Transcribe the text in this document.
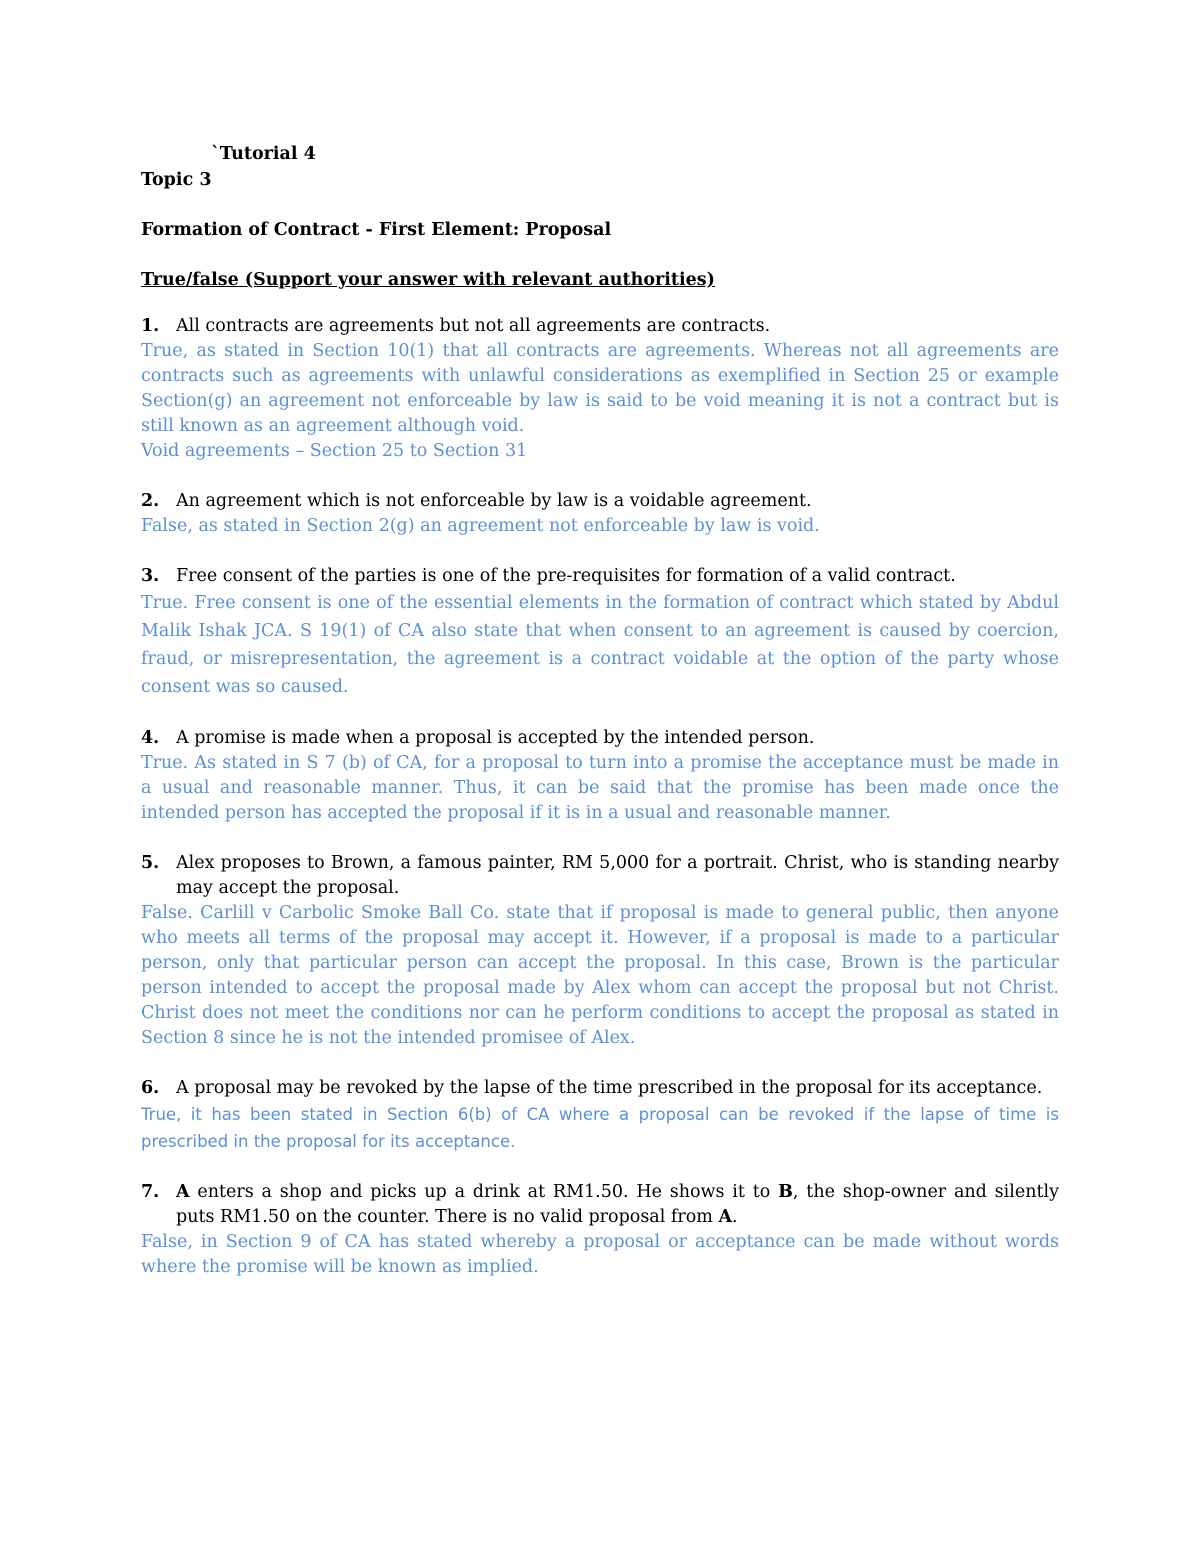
`Tutorial 4
Topic 3
Formation of Contract - First Element: Proposal
True/false (Support your answer with relevant authorities)
1. All contracts are agreements but not all agreements are contracts.
True, as stated in Section 10(1) that all contracts are agreements. Whereas not all agreements are contracts such as agreements with unlawful considerations as exemplified in Section 25 or example Section(g) an agreement not enforceable by law is said to be void meaning it is not a contract but is still known as an agreement although void.
Void agreements – Section 25 to Section 31
2. An agreement which is not enforceable by law is a voidable agreement.
False, as stated in Section 2(g) an agreement not enforceable by law is void.
3. Free consent of the parties is one of the pre-requisites for formation of a valid contract.
True. Free consent is one of the essential elements in the formation of contract which stated by Abdul Malik Ishak JCA. S 19(1) of CA also state that when consent to an agreement is caused by coercion, fraud, or misrepresentation, the agreement is a contract voidable at the option of the party whose consent was so caused.
4. A promise is made when a proposal is accepted by the intended person.
True. As stated in S 7 (b) of CA, for a proposal to turn into a promise the acceptance must be made in a usual and reasonable manner. Thus, it can be said that the promise has been made once the intended person has accepted the proposal if it is in a usual and reasonable manner.
5. Alex proposes to Brown, a famous painter, RM 5,000 for a portrait. Christ, who is standing nearby may accept the proposal.
False. Carlill v Carbolic Smoke Ball Co. state that if proposal is made to general public, then anyone who meets all terms of the proposal may accept it. However, if a proposal is made to a particular person, only that particular person can accept the proposal. In this case, Brown is the particular person intended to accept the proposal made by Alex whom can accept the proposal but not Christ. Christ does not meet the conditions nor can he perform conditions to accept the proposal as stated in Section 8 since he is not the intended promisee of Alex.
6. A proposal may be revoked by the lapse of the time prescribed in the proposal for its acceptance.
True, it has been stated in Section 6(b) of CA where a proposal can be revoked if the lapse of time is prescribed in the proposal for its acceptance.
7. A enters a shop and picks up a drink at RM1.50. He shows it to B, the shop-owner and silently puts RM1.50 on the counter. There is no valid proposal from A.
False, in Section 9 of CA has stated whereby a proposal or acceptance can be made without words where the promise will be known as implied.
